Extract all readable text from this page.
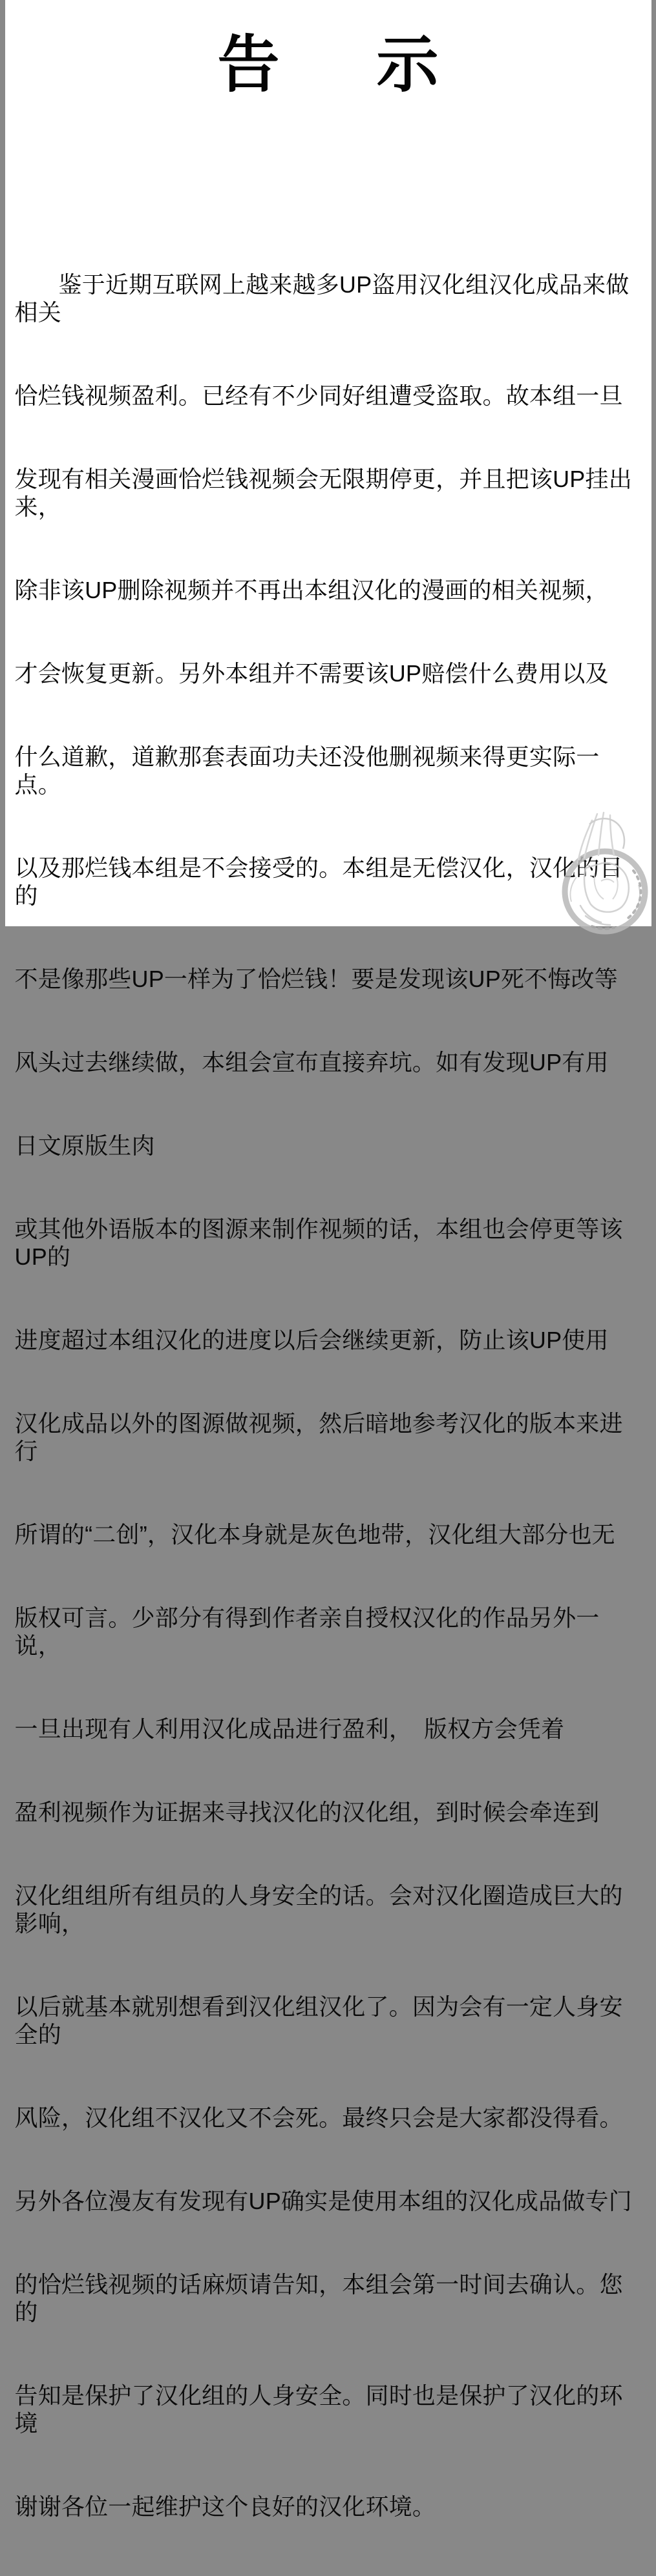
告 示

鉴于近期互联网上越来越多UP盗用汉化组汉化成品来做相关

恰烂钱视频盈利。已经有不少同好组遭受盗取。故本组一旦

发现有相关漫画恰烂钱视频会无限期停更，并且把该UP挂出来，

除非该UP删除视频并不再出本组汉化的漫画的相关视频，

才会恢复更新。另外本组并不需要该UP赔偿什么费用以及

什么道歉，道歉那套表面功夫还没他删视频来得更实际一点。

以及那烂钱本组是不会接受的。本组是无偿汉化，汉化的目的

不是像那些UP一样为了恰烂钱！要是发现该UP死不悔改等

风头过去继续做，本组会宣布直接弃坑。如有发现UP有用

日文原版生肉

或其他外语版本的图源来制作视频的话，本组也会停更等该UP的

进度超过本组汉化的进度以后会继续更新，防止该UP使用

汉化成品以外的图源做视频，然后暗地参考汉化的版本来进行

所谓的“二创”，汉化本身就是灰色地带，汉化组大部分也无

版权可言。少部分有得到作者亲自授权汉化的作品另外一说，

一旦出现有人利用汉化成品进行盈利，　版权方会凭着

盈利视频作为证据来寻找汉化的汉化组，到时候会牵连到

汉化组组所有组员的人身安全的话。会对汉化圈造成巨大的影响，

以后就基本就别想看到汉化组汉化了。因为会有一定人身安全的

风险，汉化组不汉化又不会死。最终只会是大家都没得看。

另外各位漫友有发现有UP确实是使用本组的汉化成品做专门

的恰烂钱视频的话麻烦请告知，本组会第一时间去确认。您的

告知是保护了汉化组的人身安全。同时也是保护了汉化的环境

谢谢各位一起维护这个良好的汉化环境。
